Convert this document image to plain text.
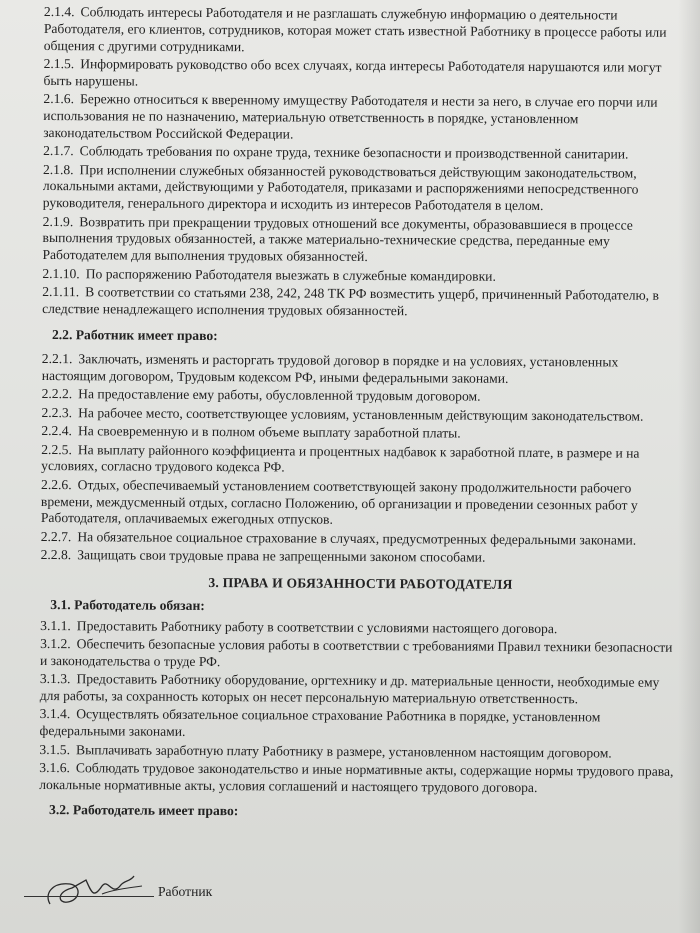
2.1.4. Соблюдать интересы Работодателя и не разглашать служебную информацию о деятельности Работодателя, его клиентов, сотрудников, которая может стать известной Работнику в процессе работы или общения с другими сотрудниками.
2.1.5. Информировать руководство обо всех случаях, когда интересы Работодателя нарушаются или могут быть нарушены.
2.1.6. Бережно относиться к вверенному имуществу Работодателя и нести за него, в случае его порчи или использования не по назначению, материальную ответственность в порядке, установленном законодательством Российской Федерации.
2.1.7. Соблюдать требования по охране труда, технике безопасности и производственной санитарии.
2.1.8. При исполнении служебных обязанностей руководствоваться действующим законодательством, локальными актами, действующими у Работодателя, приказами и распоряжениями непосредственного руководителя, генерального директора и исходить из интересов Работодателя в целом.
2.1.9. Возвратить при прекращении трудовых отношений все документы, образовавшиеся в процессе выполнения трудовых обязанностей, а также материально-технические средства, переданные ему Работодателем для выполнения трудовых обязанностей.
2.1.10. По распоряжению Работодателя выезжать в служебные командировки.
2.1.11. В соответствии со статьями 238, 242, 248 ТК РФ возместить ущерб, причиненный Работодателю, в следствие ненадлежащего исполнения трудовых обязанностей.
2.2. Работник имеет право:
2.2.1. Заключать, изменять и расторгать трудовой договор в порядке и на условиях, установленных настоящим договором, Трудовым кодексом РФ, иными федеральными законами.
2.2.2. На предоставление ему работы, обусловленной трудовым договором.
2.2.3. На рабочее место, соответствующее условиям, установленным действующим законодательством.
2.2.4. На своевременную и в полном объеме выплату заработной платы.
2.2.5. На выплату районного коэффициента и процентных надбавок к заработной плате, в размере и на условиях, согласно трудового кодекса РФ.
2.2.6. Отдых, обеспечиваемый установлением соответствующей закону продолжительности рабочего времени, междусменный отдых, согласно Положению, об организации и проведении сезонных работ у Работодателя, оплачиваемых ежегодных отпусков.
2.2.7. На обязательное социальное страхование в случаях, предусмотренных федеральными законами.
2.2.8. Защищать свои трудовые права не запрещенными законом способами.
3. ПРАВА И ОБЯЗАННОСТИ РАБОТОДАТЕЛЯ
3.1. Работодатель обязан:
3.1.1. Предоставить Работнику работу в соответствии с условиями настоящего договора.
3.1.2. Обеспечить безопасные условия работы в соответствии с требованиями Правил техники безопасности и законодательства о труде РФ.
3.1.3. Предоставить Работнику оборудование, оргтехнику и др. материальные ценности, необходимые ему для работы, за сохранность которых он несет персональную материальную ответственность.
3.1.4. Осуществлять обязательное социальное страхование Работника в порядке, установленном федеральными законами.
3.1.5. Выплачивать заработную плату Работнику в размере, установленном настоящим договором.
3.1.6. Соблюдать трудовое законодательство и иные нормативные акты, содержащие нормы трудового права, локальные нормативные акты, условия соглашений и настоящего трудового договора.
3.2. Работодатель имеет право:
Работник
